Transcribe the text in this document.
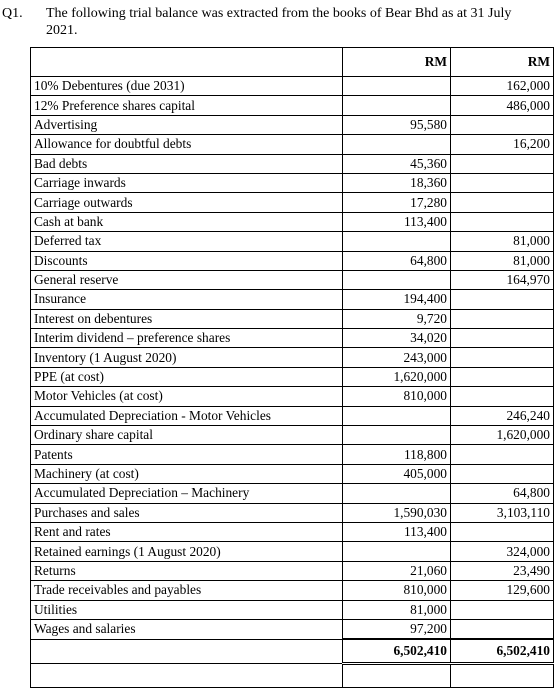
Q1. The following trial balance was extracted from the books of Bear Bhd as at 31 July 2021.
	RM	RM
10% Debentures (due 2031)		162,000
12% Preference shares capital		486,000
Advertising	95,580	
Allowance for doubtful debts		16,200
Bad debts	45,360	
Carriage inwards	18,360	
Carriage outwards	17,280	
Cash at bank	113,400	
Deferred tax		81,000
Discounts	64,800	81,000
General reserve		164,970
Insurance	194,400	
Interest on debentures	9,720	
Interim dividend – preference shares	34,020	
Inventory (1 August 2020)	243,000	
PPE (at cost)	1,620,000	
Motor Vehicles (at cost)	810,000	
Accumulated Depreciation - Motor Vehicles		246,240
Ordinary share capital		1,620,000
Patents	118,800	
Machinery (at cost)	405,000	
Accumulated Depreciation – Machinery		64,800
Purchases and sales	1,590,030	3,103,110
Rent and rates	113,400	
Retained earnings (1 August 2020)		324,000
Returns	21,060	23,490
Trade receivables and payables	810,000	129,600
Utilities	81,000	
Wages and salaries	97,200	
	6,502,410	6,502,410
